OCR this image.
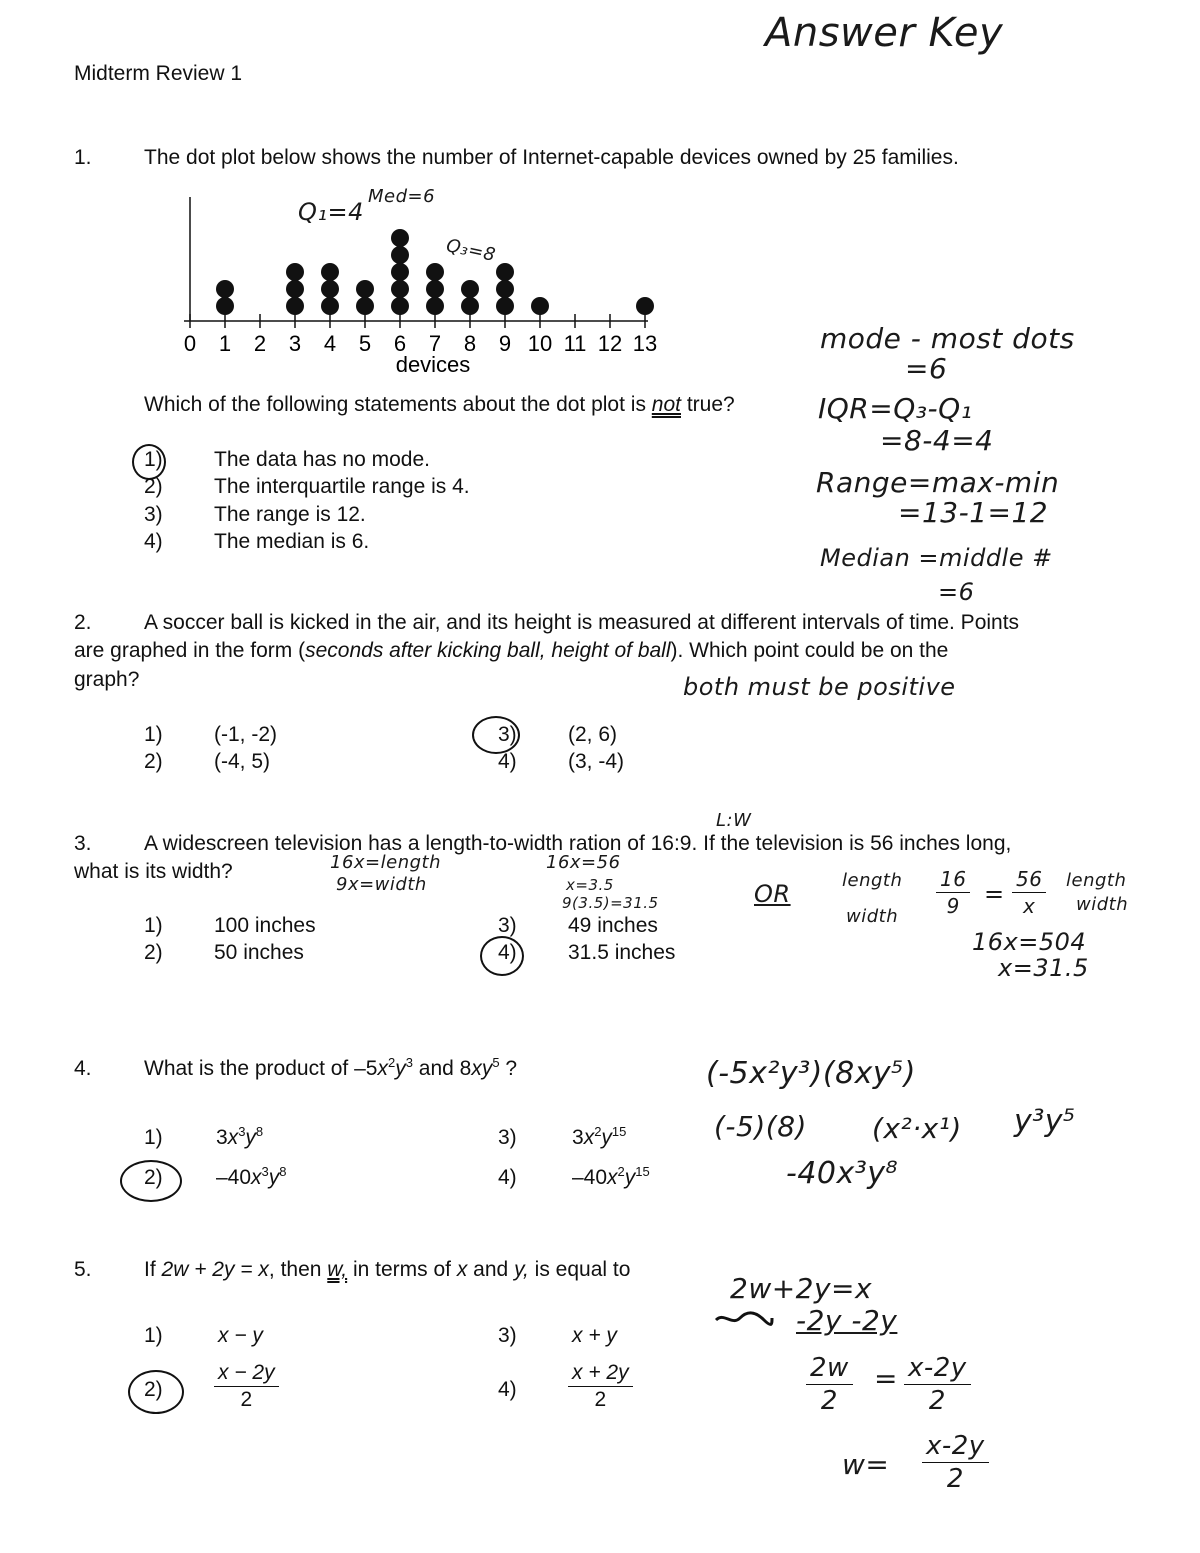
Midterm Review 1
Answer Key
1. The dot plot below shows the number of Internet-capable devices owned by 25 families.
0 1 2 3 4 5 6 7 8 9 10 11 12 13
devices
Q₁=4
Med=6
Q₃=8
Which of the following statements about the dot plot is not true?
1) The data has no mode.
2) The interquartile range is 4.
3) The range is 12.
4) The median is 6.
mode - most dots
=6
IQR=Q₃-Q₁
=8-4=4
Range=max-min
=13-1=12
Median =middle #
=6
2. A soccer ball is kicked in the air, and its height is measured at different intervals of time. Points
are graphed in the form (seconds after kicking ball, height of ball). Which point could be on the
graph?	both must be positive
1) (-1, -2)
2) (-4, 5)
3) (2, 6)
4) (3, -4)
L:W
3. A widescreen television has a length-to-width ration of 16:9. If the television is 56 inches long,
what is its width?	16x=length
9x=width
16x=56
x=3.5
9(3.5)=31.5	OR	length
width $\frac{16}{9} = \frac{56}{x}$ length
width
16x=504
x=31.5
1) 100 inches
2) 50 inches
3) 49 inches
4) 31.5 inches
4. What is the product of $-5x^2y^3$ and $8xy^5$ ?
1)	$3x^3y^8$
2)	$-40x^3y^8$
3)	$3x^2y^{15}$
4)	$-40x^2y^{15}$
(-5x²y³)(8xy⁵)
(-5)(8) (x²·x¹) y³y⁵
-40x³y⁸
5. If 2w + 2y = x, then w, in terms of x and y, is equal to
1)	x − y
$2) \frac{x - 2y}{2}$
3)	x + y
$4) \frac{x + 2y}{2}$
2w+2y=x
-2y -2y
$\frac{2w}{2} = \frac{x-2y}{2}$
$w= \frac{x-2y}{2}$
